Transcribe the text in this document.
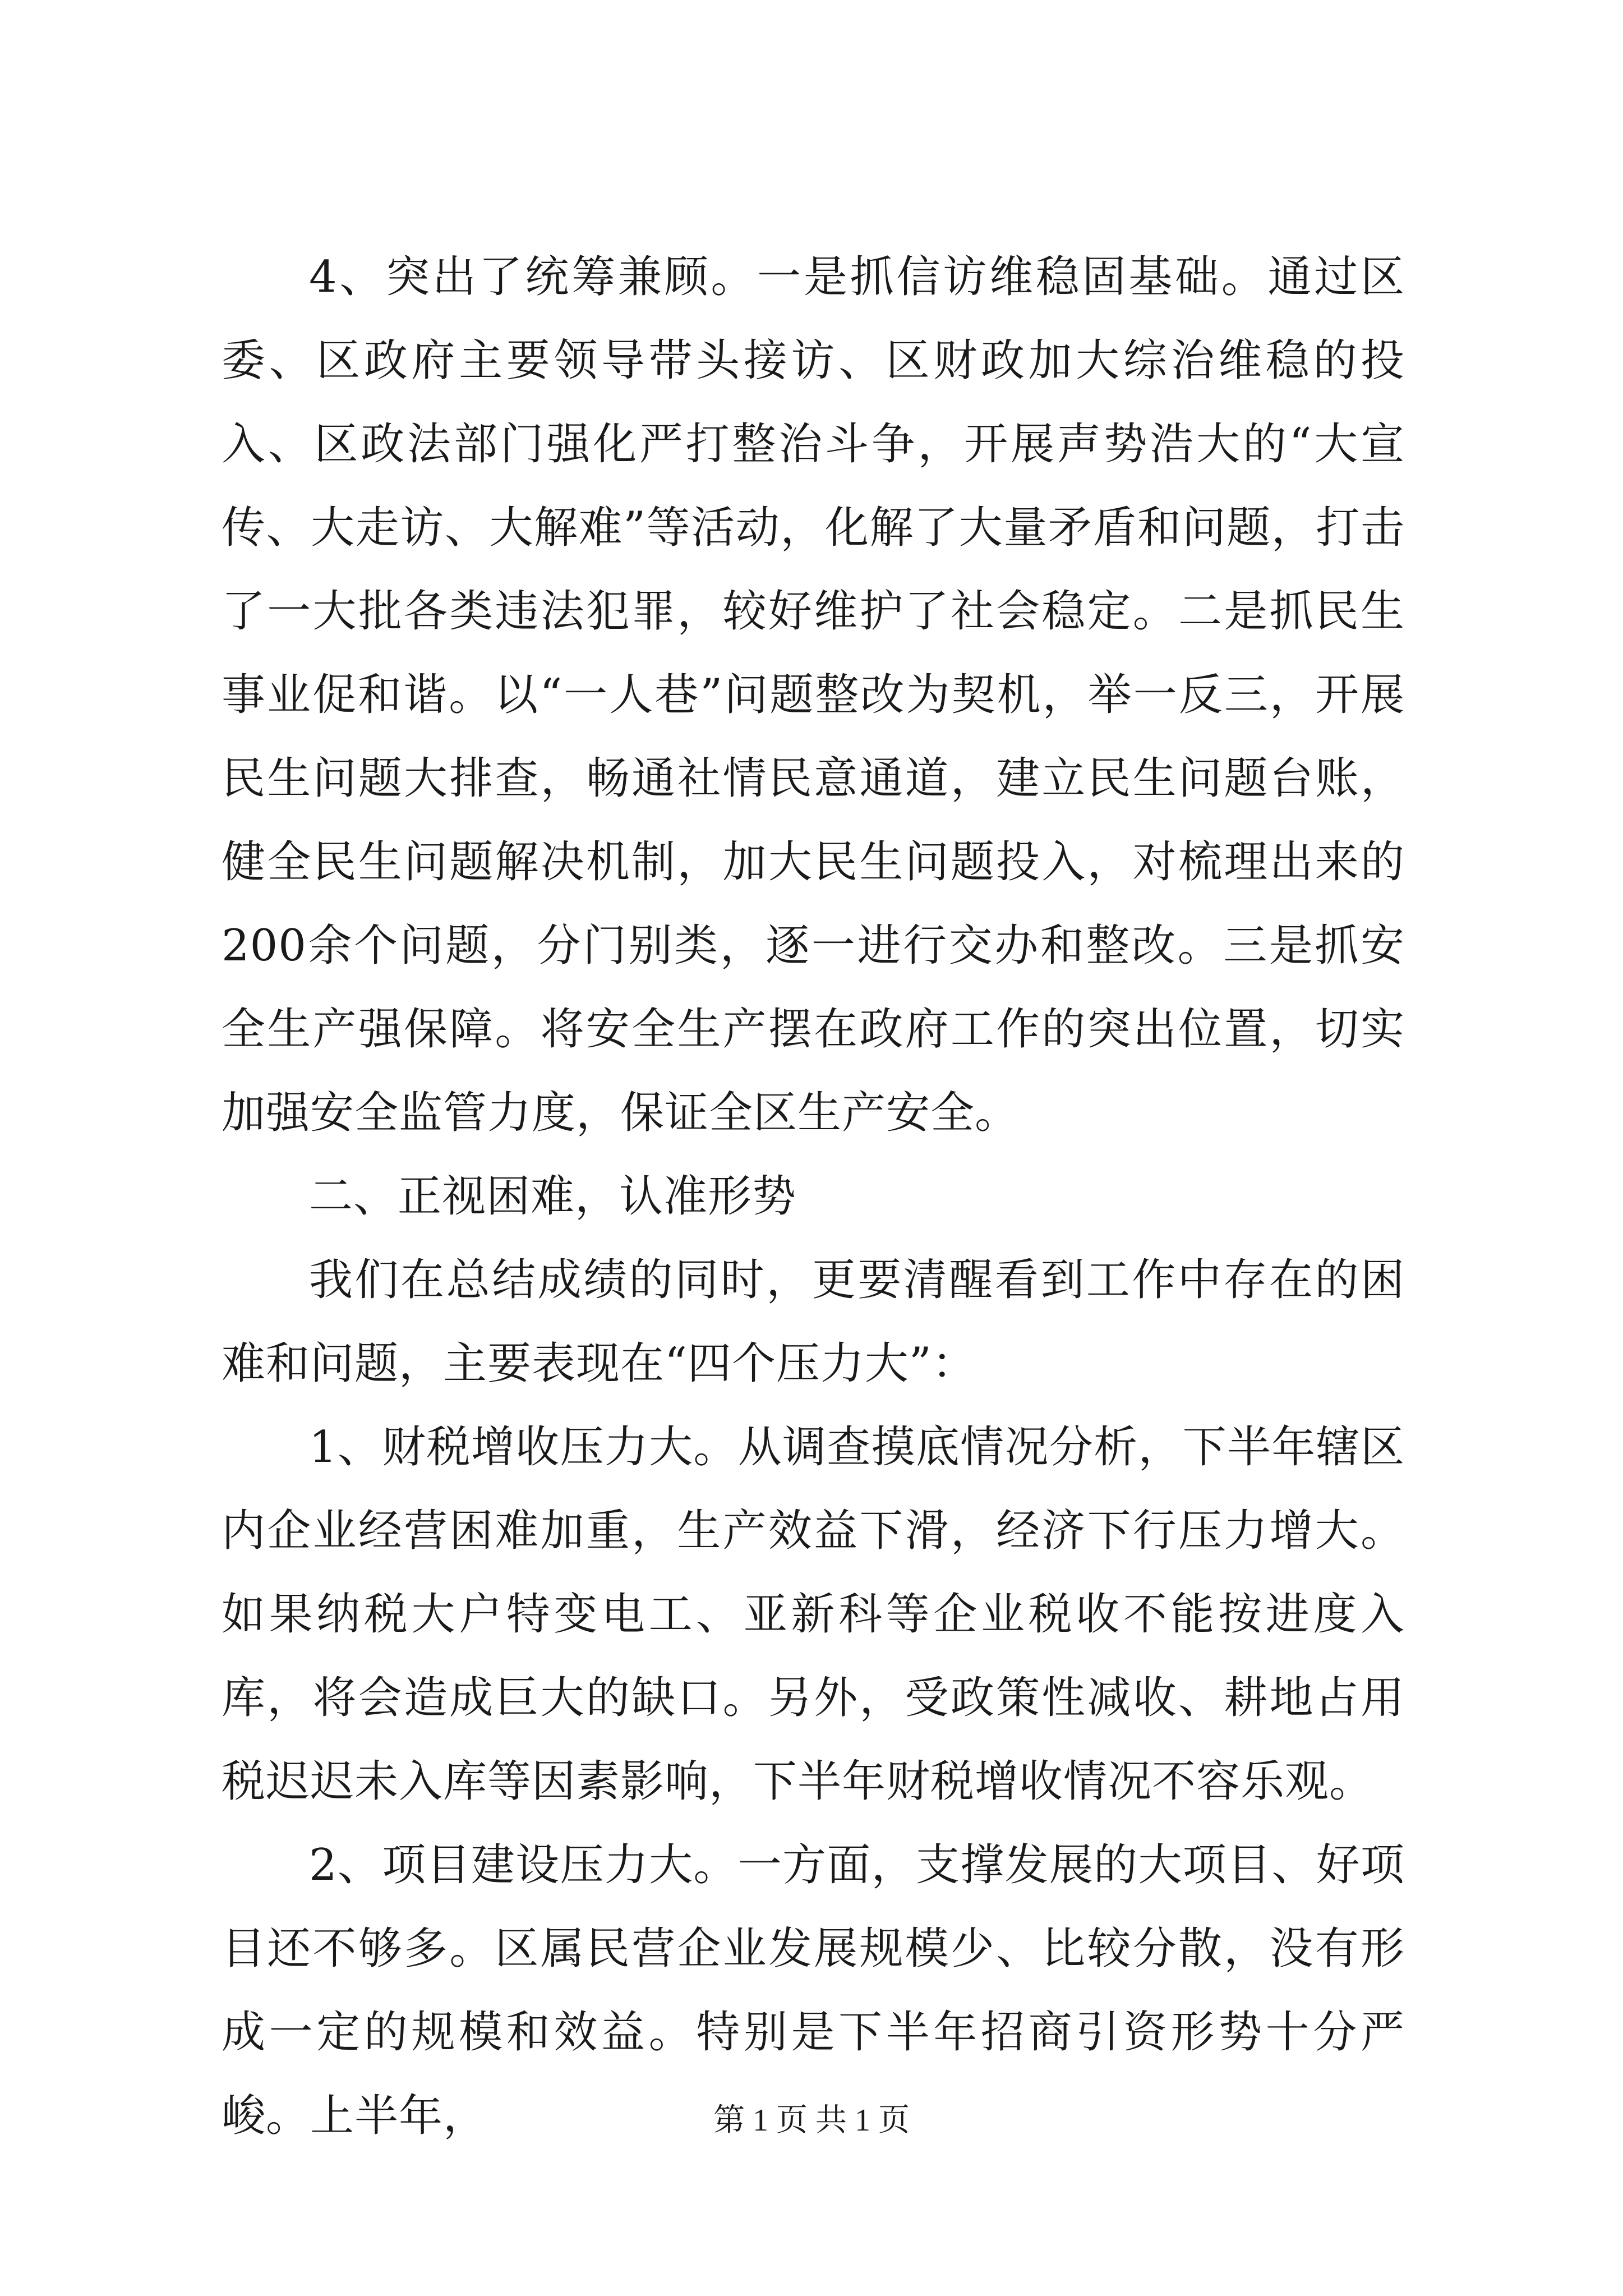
4、突出了统筹兼顾。一是抓信访维稳固基础。通过区委、区政府主要领导带头接访、区财政加大综治维稳的投入、区政法部门强化严打整治斗争，开展声势浩大的“大宣传、大走访、大解难”等活动，化解了大量矛盾和问题，打击了一大批各类违法犯罪，较好维护了社会稳定。二是抓民生事业促和谐。以“一人巷”问题整改为契机，举一反三，开展民生问题大排查，畅通社情民意通道，建立民生问题台账，健全民生问题解决机制，加大民生问题投入，对梳理出来的200余个问题，分门别类，逐一进行交办和整改。三是抓安全生产强保障。将安全生产摆在政府工作的突出位置，切实加强安全监管力度，保证全区生产安全。

二、正视困难，认准形势

我们在总结成绩的同时，更要清醒看到工作中存在的困难和问题，主要表现在“四个压力大”：

1、财税增收压力大。从调查摸底情况分析，下半年辖区内企业经营困难加重，生产效益下滑，经济下行压力增大。如果纳税大户特变电工、亚新科等企业税收不能按进度入库，将会造成巨大的缺口。另外，受政策性减收、耕地占用税迟迟未入库等因素影响，下半年财税增收情况不容乐观。

2、项目建设压力大。一方面，支撑发展的大项目、好项目还不够多。区属民营企业发展规模少、比较分散，没有形成一定的规模和效益。特别是下半年招商引资形势十分严峻。上半年，	第 1 页 共 1 页
